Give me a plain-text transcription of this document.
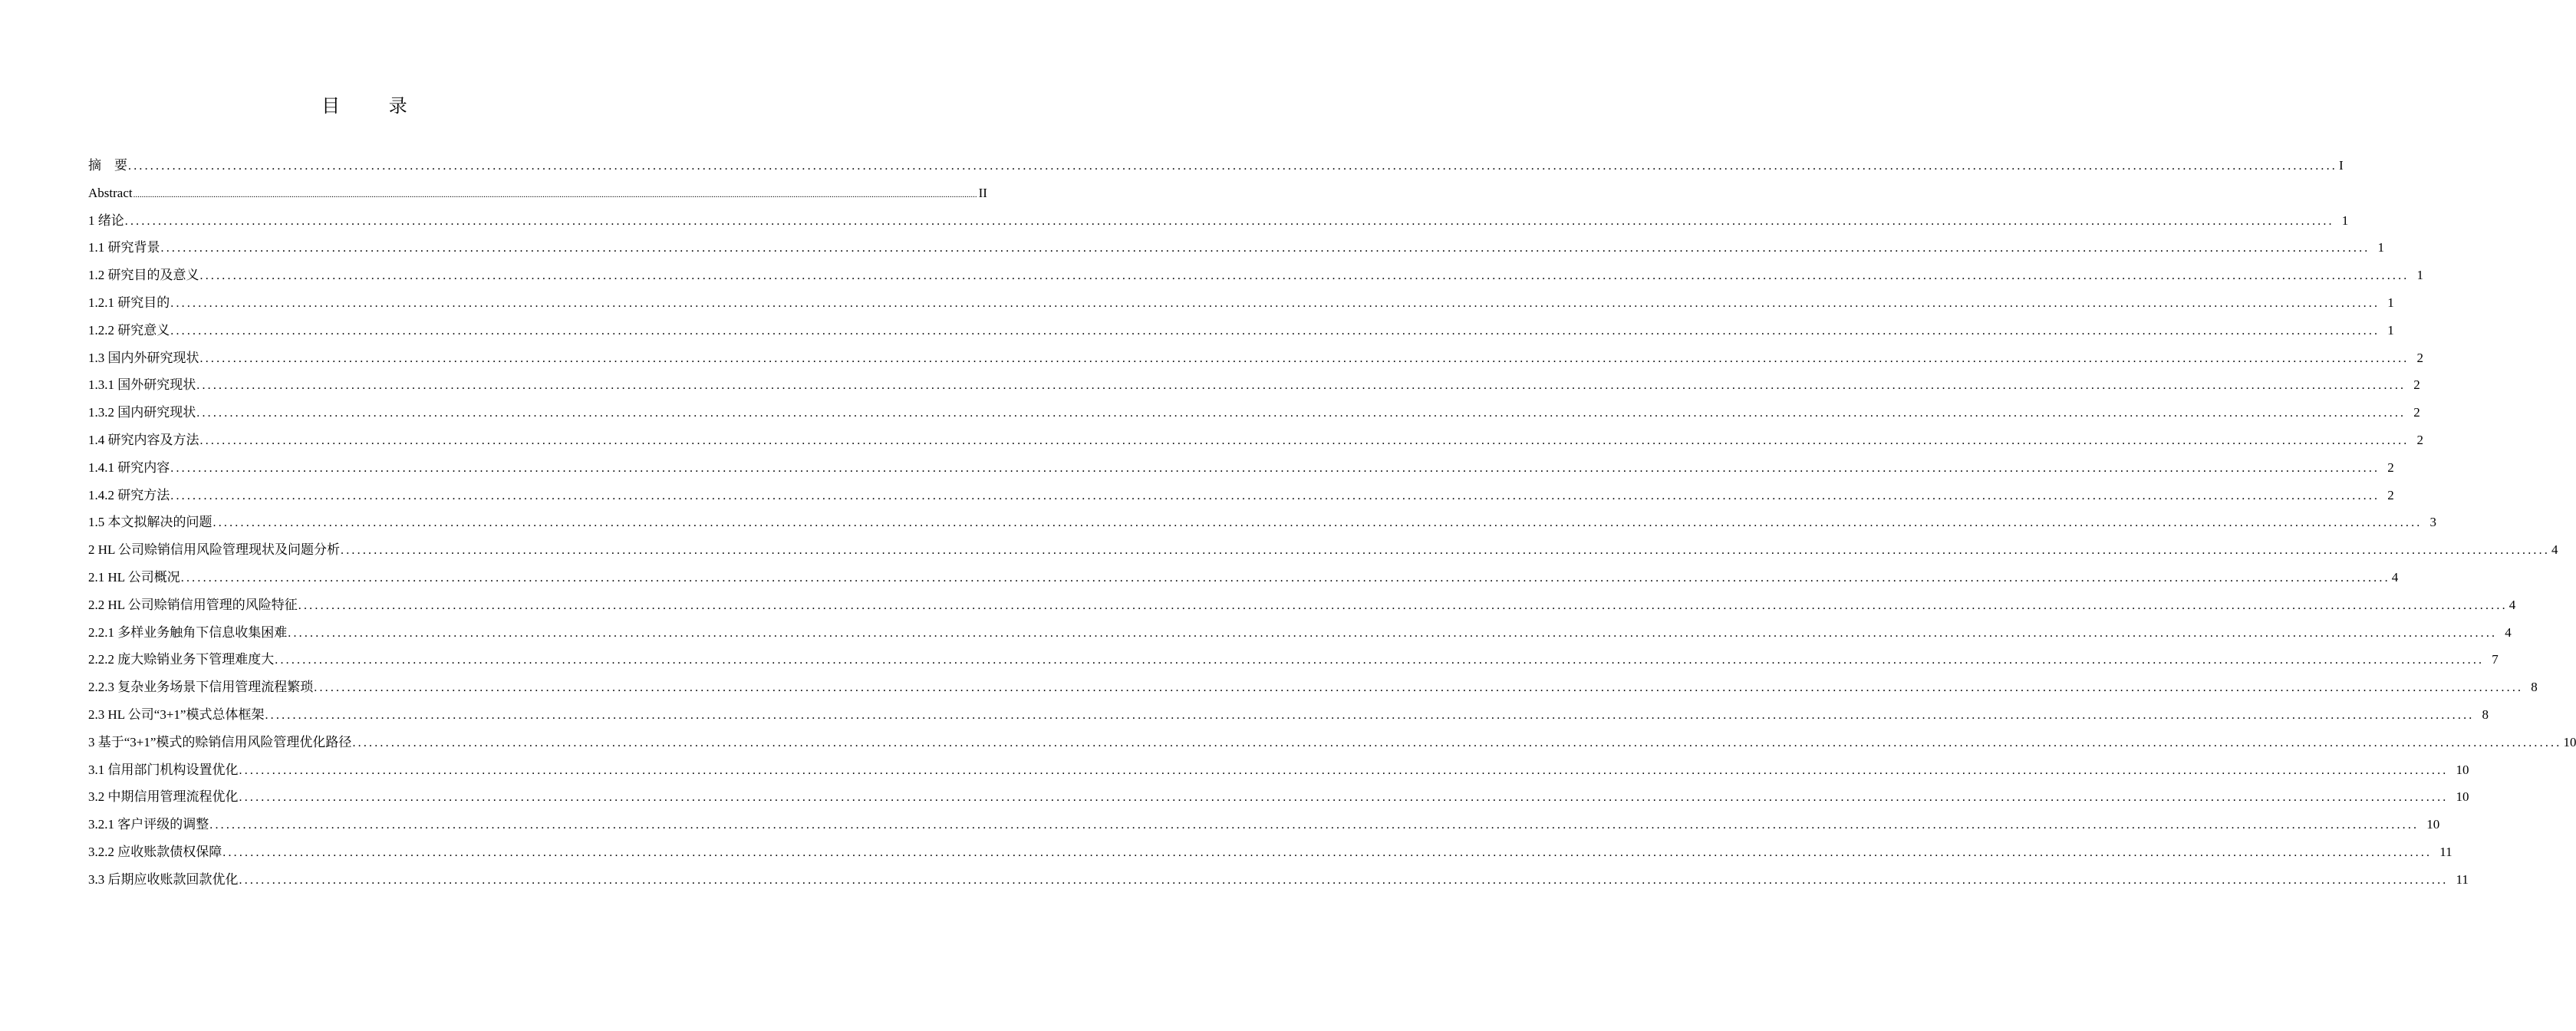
目 录
摘　要 ................................................................................................................................................................................................................................................................................................................................................................................................................ I
Abstract ................................................................................................................................................................................................................................................................................................................................................................................................................ II
1 绪论 ................................................................................................................................................................................................................................................................................................................................................................................................................ 1
1.1 研究背景 ................................................................................................................................................................................................................................................................................................................................................................................................................ 1
1.2 研究目的及意义 ................................................................................................................................................................................................................................................................................................................................................................................................................ 1
1.2.1 研究目的 ................................................................................................................................................................................................................................................................................................................................................................................................................ 1
1.2.2 研究意义 ................................................................................................................................................................................................................................................................................................................................................................................................................ 1
1.3 国内外研究现状 ................................................................................................................................................................................................................................................................................................................................................................................................................ 2
1.3.1 国外研究现状 ................................................................................................................................................................................................................................................................................................................................................................................................................ 2
1.3.2 国内研究现状 ................................................................................................................................................................................................................................................................................................................................................................................................................ 2
1.4 研究内容及方法 ................................................................................................................................................................................................................................................................................................................................................................................................................ 2
1.4.1 研究内容 ................................................................................................................................................................................................................................................................................................................................................................................................................ 2
1.4.2 研究方法 ................................................................................................................................................................................................................................................................................................................................................................................................................ 2
1.5 本文拟解决的问题 ................................................................................................................................................................................................................................................................................................................................................................................................................ 3
2 HL 公司赊销信用风险管理现状及问题分析 ................................................................................................................................................................................................................................................................................................................................................................................................................ 4
2.1 HL 公司概况 ................................................................................................................................................................................................................................................................................................................................................................................................................ 4
2.2 HL 公司赊销信用管理的风险特征 ................................................................................................................................................................................................................................................................................................................................................................................................................ 4
2.2.1 多样业务触角下信息收集困难 ................................................................................................................................................................................................................................................................................................................................................................................................................ 4
2.2.2 庞大赊销业务下管理难度大 ................................................................................................................................................................................................................................................................................................................................................................................................................ 7
2.2.3 复杂业务场景下信用管理流程繁琐 ................................................................................................................................................................................................................................................................................................................................................................................................................ 8
2.3 HL 公司“3+1”模式总体框架 ................................................................................................................................................................................................................................................................................................................................................................................................................ 8
3 基于“3+1”模式的赊销信用风险管理优化路径 ................................................................................................................................................................................................................................................................................................................................................................................................................ 10
3.1 信用部门机构设置优化 ................................................................................................................................................................................................................................................................................................................................................................................................................ 10
3.2 中期信用管理流程优化 ................................................................................................................................................................................................................................................................................................................................................................................................................ 10
3.2.1 客户评级的调整 ................................................................................................................................................................................................................................................................................................................................................................................................................ 10
3.2.2 应收账款债权保障 ................................................................................................................................................................................................................................................................................................................................................................................................................ 11
3.3 后期应收账款回款优化 ................................................................................................................................................................................................................................................................................................................................................................................................................ 11
